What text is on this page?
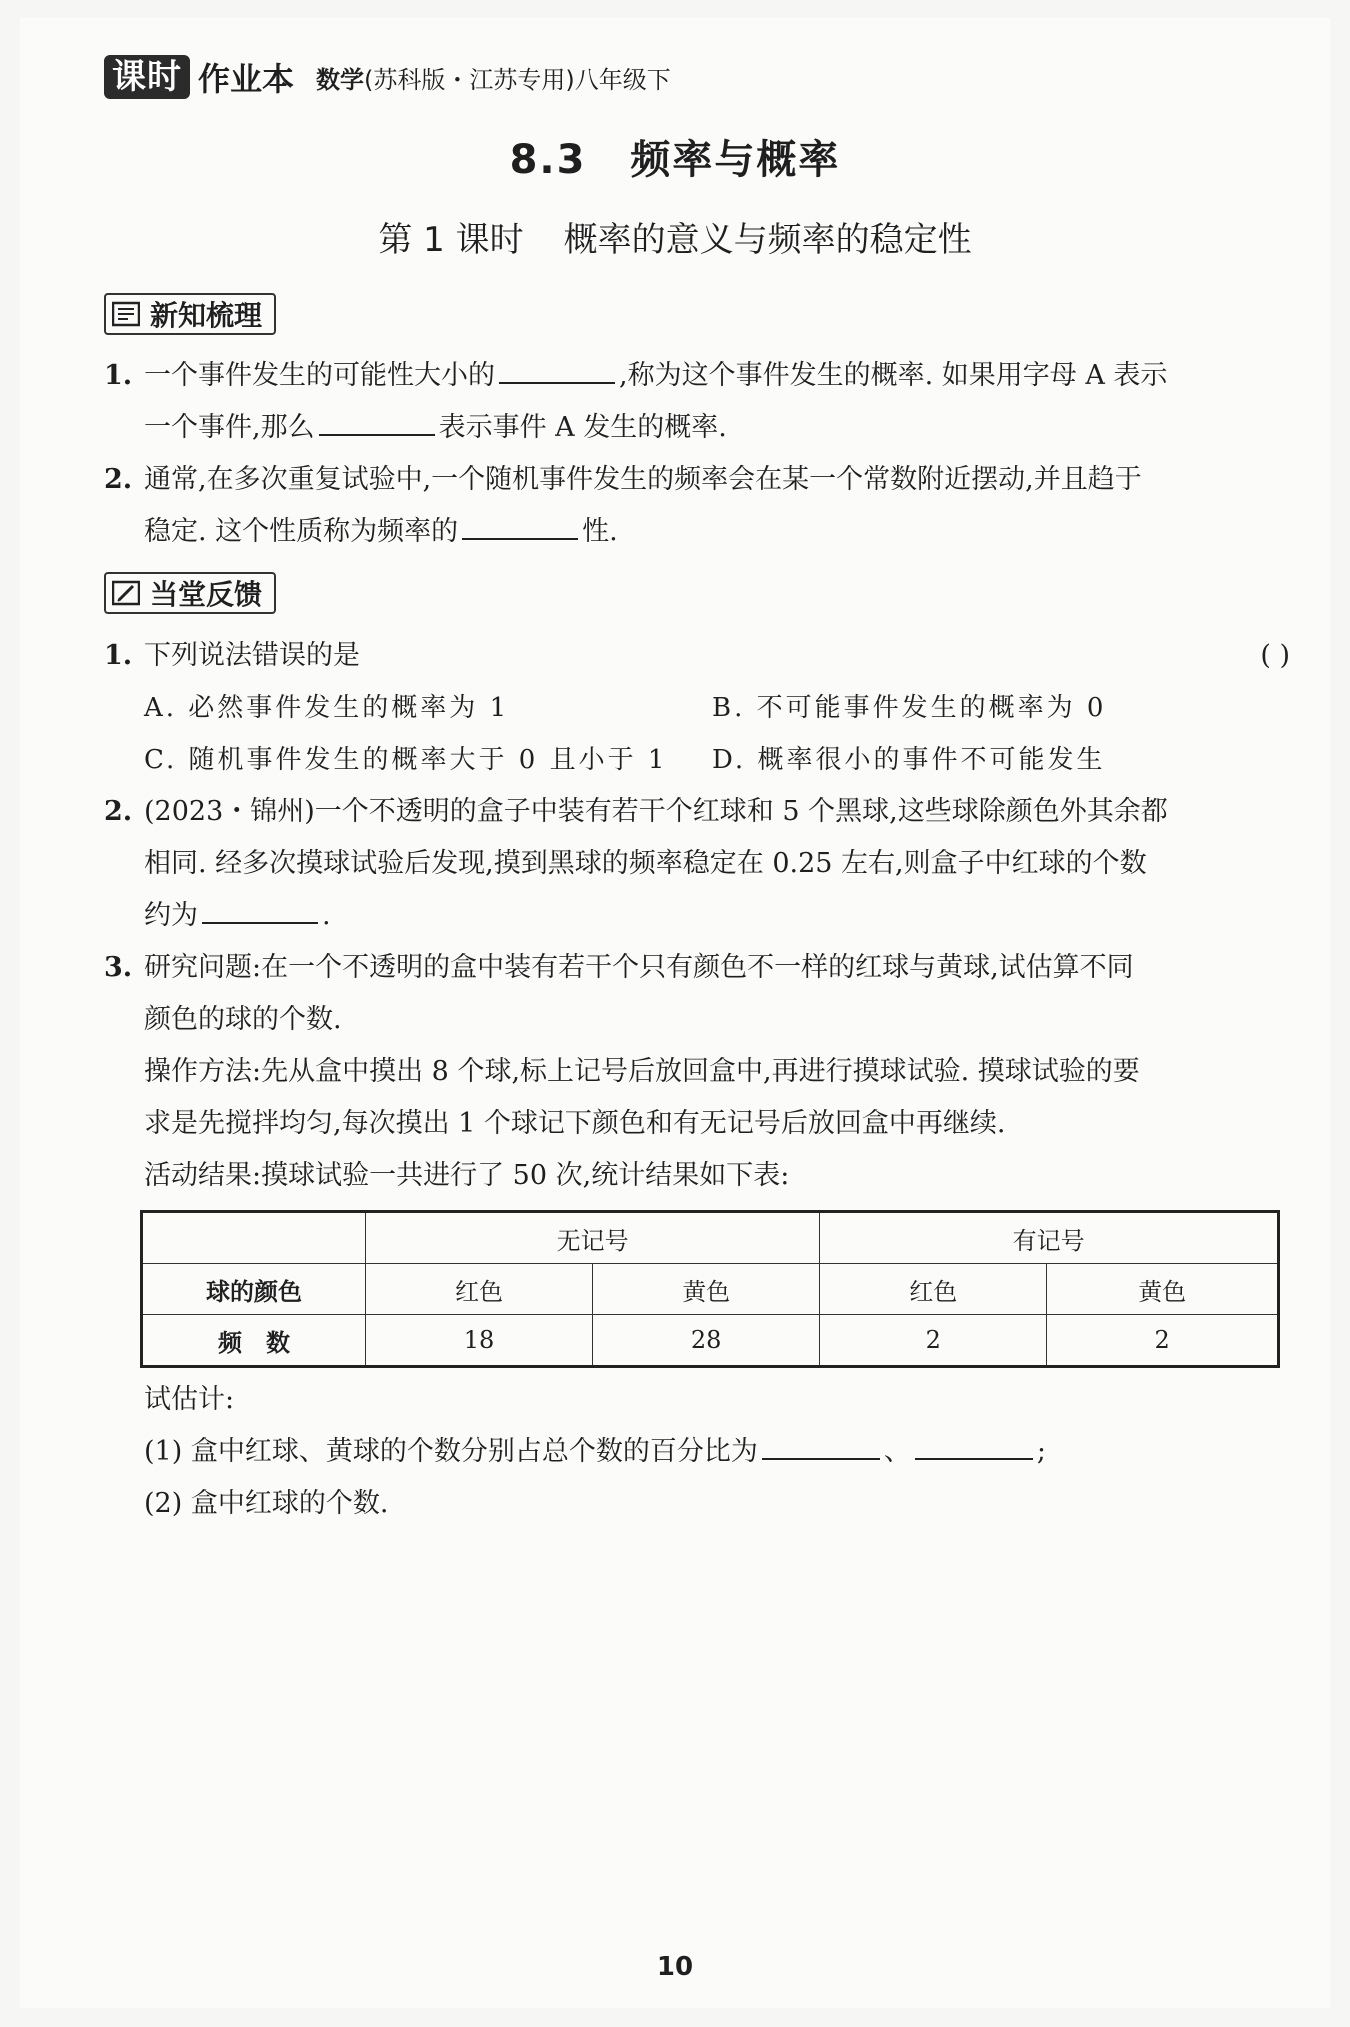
课时 作业本 数学(苏科版・江苏专用)八年级下
8.3 频率与概率
第 1 课时 概率的意义与频率的稳定性
新知梳理
1. 一个事件发生的可能性大小的	,称为这个事件发生的概率. 如果用字母 A 表示
一个事件,那么	表示事件 A 发生的概率.
2. 通常,在多次重复试验中,一个随机事件发生的频率会在某一个常数附近摆动,并且趋于
稳定. 这个性质称为频率的	性.
当堂反馈
1. 下列说法错误的是	( )
A. 必然事件发生的概率为 1	B. 不可能事件发生的概率为 0
C. 随机事件发生的概率大于 0 且小于 1 D. 概率很小的事件不可能发生
2. (2023・锦州)一个不透明的盒子中装有若干个红球和 5 个黑球,这些球除颜色外其余都
相同. 经多次摸球试验后发现,摸到黑球的频率稳定在 0.25 左右,则盒子中红球的个数
约为	.
3. 研究问题:在一个不透明的盒中装有若干个只有颜色不一样的红球与黄球,试估算不同
颜色的球的个数.
操作方法:先从盒中摸出 8 个球,标上记号后放回盒中,再进行摸球试验. 摸球试验的要
求是先搅拌均匀,每次摸出 1 个球记下颜色和有无记号后放回盒中再继续.
活动结果:摸球试验一共进行了 50 次,统计结果如下表:
	无记号		有记号	
球的颜色	红色	黄色	红色	黄色
频　数	18	28	2	2
试估计:
(1) 盒中红球、黄球的个数分别占总个数的百分比为	、	;
(2) 盒中红球的个数.
10
